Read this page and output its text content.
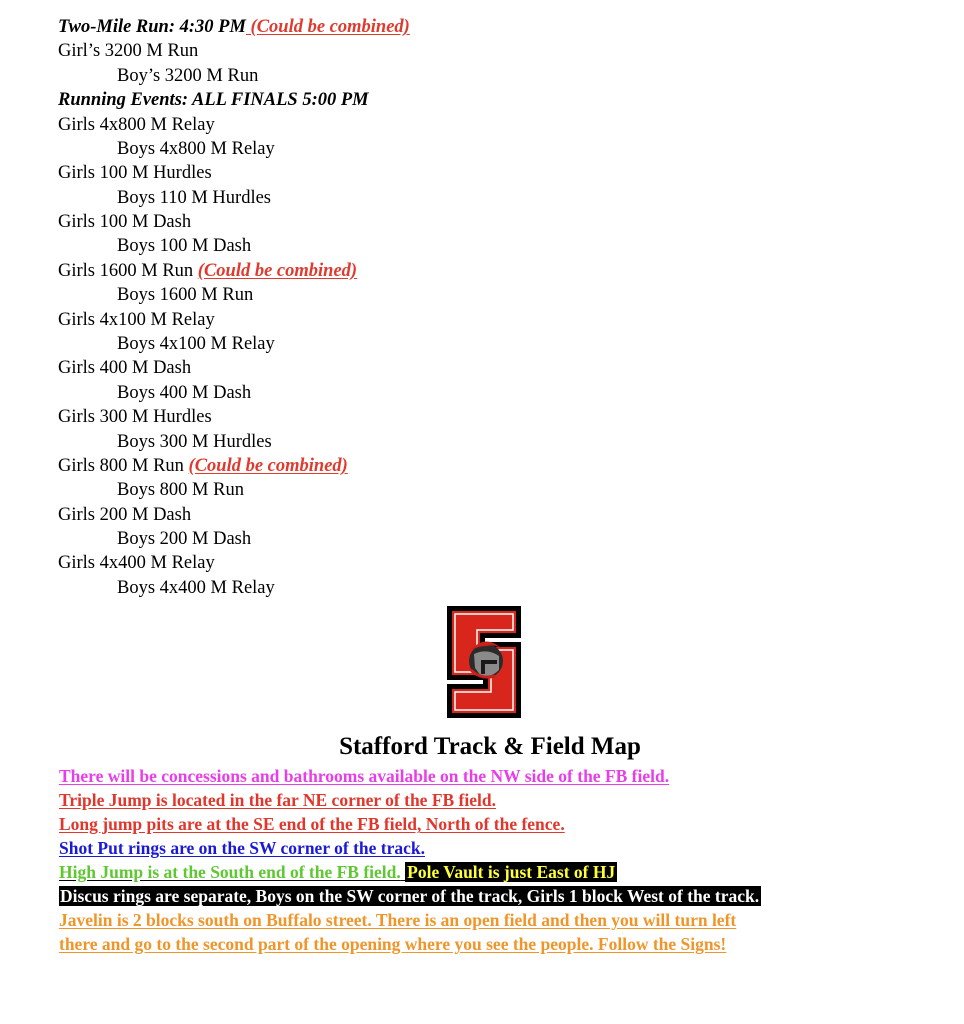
Two-Mile Run: 4:30 PM (Could be combined)
Girl’s 3200 M Run
Boy’s 3200 M Run
Running Events: ALL FINALS 5:00 PM
Girls 4x800 M Relay
Boys 4x800 M Relay
Girls 100 M Hurdles
Boys 110 M Hurdles
Girls 100 M Dash
Boys 100 M Dash
Girls 1600 M Run (Could be combined)
Boys 1600 M Run
Girls 4x100 M Relay
Boys 4x100 M Relay
Girls 400 M Dash
Boys 400 M Dash
Girls 300 M Hurdles
Boys 300 M Hurdles
Girls 800 M Run (Could be combined)
Boys 800 M Run
Girls 200 M Dash
Boys 200 M Dash
Girls 4x400 M Relay
Boys 4x400 M Relay
Stafford Track & Field Map
There will be concessions and bathrooms available on the NW side of the FB field.
Triple Jump is located in the far NE corner of the FB field.
Long jump pits are at the SE end of the FB field, North of the fence.
Shot Put rings are on the SW corner of the track.
High Jump is at the South end of the FB field. Pole Vault is just East of HJ
Discus rings are separate, Boys on the SW corner of the track, Girls 1 block West of the track.
Javelin is 2 blocks south on Buffalo street. There is an open field and then you will turn left
there and go to the second part of the opening where you see the people. Follow the Signs!
